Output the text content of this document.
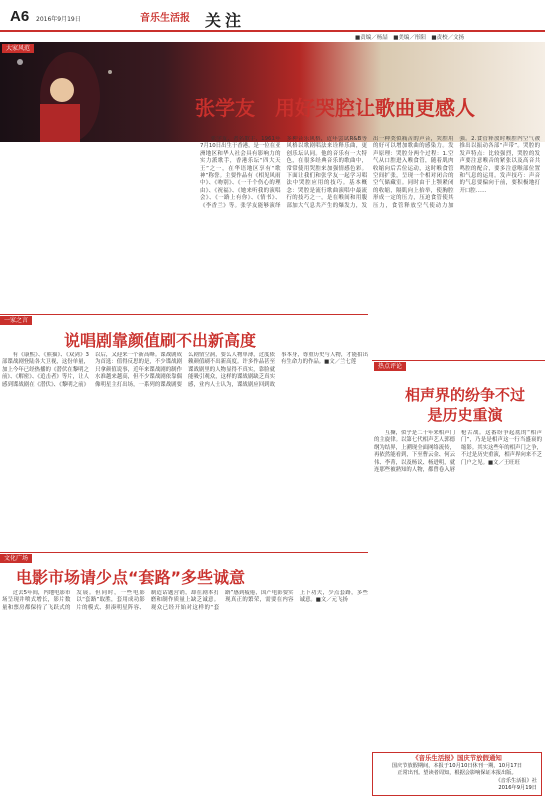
A6 2016年9月19日	音乐生活报 关注
■责编／杨喆　■美编／彤阳　■责校／文扬
大家风范
张学友　用好哭腔让歌曲更感人

张学友，著名歌手，1961年7月10日出生于香港，是一位在亚洲地区和华人社会具有影响力的实力派歌手，香港乐坛“四大天王”之一，在华语地区享有“歌神”称誉。主要作品有《相见风雨中》、《吻别》、《一千个伤心的理由》、《祝福》、《她来听我的演唱会》、《一路上有你》、《情书》、《李香兰》等。张学友能够演绎多种音乐风格，近年尝试R&B等风格以歌剧唱法来诠释乐曲，更创乐坛认同。他的音乐有一大特色，在很多经典音乐的歌曲中，常常使用哭腔来加强情感色彩。下面让我们和张学友一起学习唱法中哭腔应用的技巧。基本概念：哭腔是流行歌曲演唱中最流行的技巧之一，是在喉间和用腹部加大气息共产生的爆发力，发出一种类似痛苦的声音，哭腔用的好可以增加歌曲的感染力。发声原理：哭腔分两个过程：1.空气从口腔进入喉食管，随着肌肉收缩向后舌位运动，这时喉食管空间扩张，呈现一个相对闭合的空气储藏室。同时由于上颚紧闭的收缩，隔肌向上抬举，使胸腔形成一定的压力，压迫食管使其压力，食管释放空气使动力加强。2.食管释放时喉腔内空气被推出以振动各部“声带”。哭腔的发声特点：比较强烈，哭腔的发声要注意喉音的紧张以及高音共鸣腔的配合，要多注意喉部位置和气息的运用。发声技巧：声音的气息要偏向于前，要积极地打开口腔……

一家之言
说唱剧靠颜值刷不出新高度

有《康熙》、《熊猫》、《双剑》3部谍战剧登陆各大卫视，这份单量，加上今年已经热播的《潜伏在黎明之前》、《解密》、《追击者》等片，让人感到谍战剧在《潜伏》、《黎明之前》以后，又迎来一个新高峰。谍战剧成为首选：值得反思的是，不少谍战剧只拿颜值说事，近年来谍战剧的制作水准越来越高，但不少谍战剧依靠偶像明星主打出场，一系列的谍战剧要么剧情空洞，要么人物单薄，过度依赖颜值刷不出新高度。许多作品甚至谍战剧里的人物显得不真实，靠脸就能吸引观众，这样的谍战剧缺乏真实感，业内人士认为，谍战剧应回到故事本身，尊重历史与人物，才能拍出有生命力的作品。■文／兰七莲

热点评论
相声界的纷争不过是历史重演

互撕，似乎是二十年来相声门的主旋律。以第七代相声艺人郭德纲为结界，上溯现全面网络流传，再依然能看到，下至曹云金、何云伟、李菁，以及杨议、杨进明，就连那些被熟知的人物，都曾卷入唇枪舌战。这番纷争起底的“相声门”，乃是是相声这一行当盛衰的缩影。其实这些年的相声门之争，不过是历史重演，相声界向来不乏门户之见。■文／王旺旺

文化广场
电影市场请少点“套路”多些诚意

过去5年间，内地电影市场呈现井喷式增长，影片数量和票房都保持了飞跃式的发展。但同时，一些电影以“套路”取胜，套用成功影片的模式、拼凑明星阵容、制造话题营销，却在剧本打磨和制作质量上缺乏诚意。观众已经开始对这样的“套路”感到疲倦，国产电影要实现真正的繁荣，需要在内容上下功夫，少点套路，多些诚意。■文／元飞扬

《音乐生活报》国庆节放假通知
国庆节放假期间，本报于10月10日休刊一期，10月17日
正常出刊。望读者周知，根据会影响保证本报出版。
《音乐生活报》社
2016年9月19日
